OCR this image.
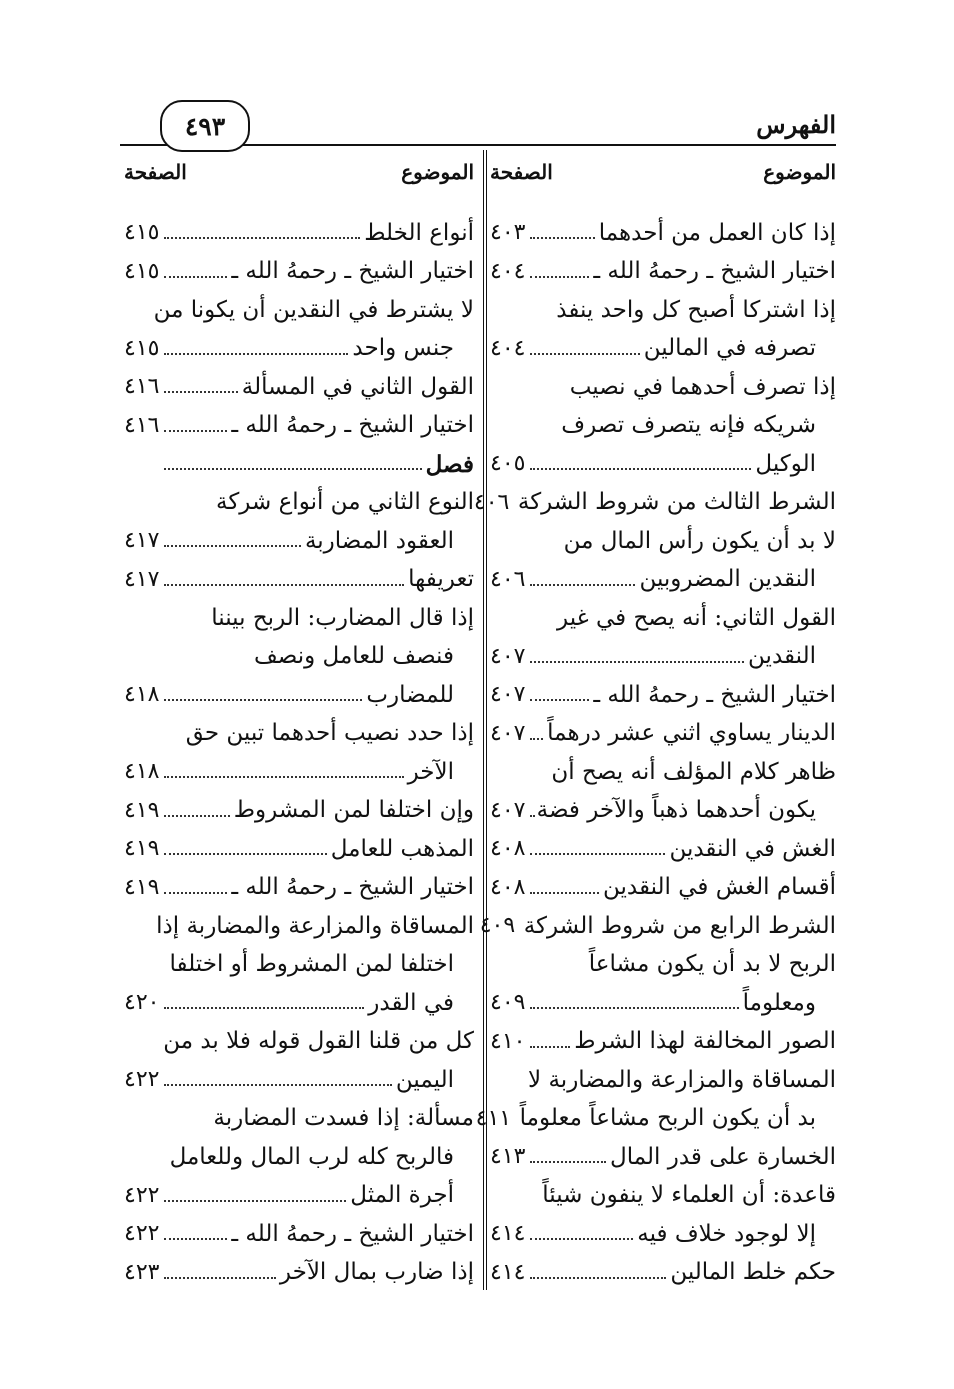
الفهرس
٤٩٣
الموضوع
الصفحة
إذا كان العمل من أحدهما
٤٠٣
اختيار الشيخ ـ رحمهُ الله ـ
٤٠٤
إذا اشتركا أصبح كل واحد ينفذ
تصرفه في المالين
٤٠٤
إذا تصرف أحدهما في نصيب
شريكه فإنه يتصرف تصرف
الوكيل
٤٠٥
الشرط الثالث من شروط الشركة
٤٠٦
لا بد أن يكون رأس المال من
النقدين المضروبين
٤٠٦
القول الثاني: أنه يصح في غير
النقدين
٤٠٧
اختيار الشيخ ـ رحمهُ الله ـ
٤٠٧
الدينار يساوي اثني عشر درهماً
٤٠٧
ظاهر كلام المؤلف أنه يصح أن
يكون أحدهما ذهباً والآخر فضة
٤٠٧
الغش في النقدين
٤٠٨
أقسام الغش في النقدين
٤٠٨
الشرط الرابع من شروط الشركة
٤٠٩
الربح لا بد أن يكون مشاعاً
ومعلوماً
٤٠٩
الصور المخالفة لهذا الشرط
٤١٠
المساقاة والمزارعة والمضاربة لا
بد أن يكون الربح مشاعاً معلوماً
٤١١
الخسارة على قدر المال
٤١٣
قاعدة: أن العلماء لا ينفون شيئاً
إلا لوجود خلاف فيه
٤١٤
حكم خلط المالين
٤١٤
الموضوع
الصفحة
أنواع الخلط
٤١٥
اختيار الشيخ ـ رحمهُ الله ـ
٤١٥
لا يشترط في النقدين أن يكونا من
جنس واحد
٤١٥
القول الثاني في المسألة
٤١٦
اختيار الشيخ ـ رحمهُ الله ـ
٤١٦
فصل
النوع الثاني من أنواع شركة
العقود المضاربة
٤١٧
تعريفها
٤١٧
إذا قال المضارب: الربح بيننا
فنصف للعامل ونصف
للمضارب
٤١٨
إذا حدد نصيب أحدهما تبين حق
الآخر
٤١٨
وإن اختلفا لمن المشروط
٤١٩
المذهب للعامل
٤١٩
اختيار الشيخ ـ رحمهُ الله ـ
٤١٩
المساقاة والمزارعة والمضاربة إذا
اختلفا لمن المشروط أو اختلفا
في القدر
٤٢٠
كل من قلنا القول قوله فلا بد من
اليمين
٤٢٢
مسألة: إذا فسدت المضاربة
فالربح كله لرب المال وللعامل
أجرة المثل
٤٢٢
اختيار الشيخ ـ رحمهُ الله ـ
٤٢٢
إذا ضارب بمال الآخر
٤٢٣
